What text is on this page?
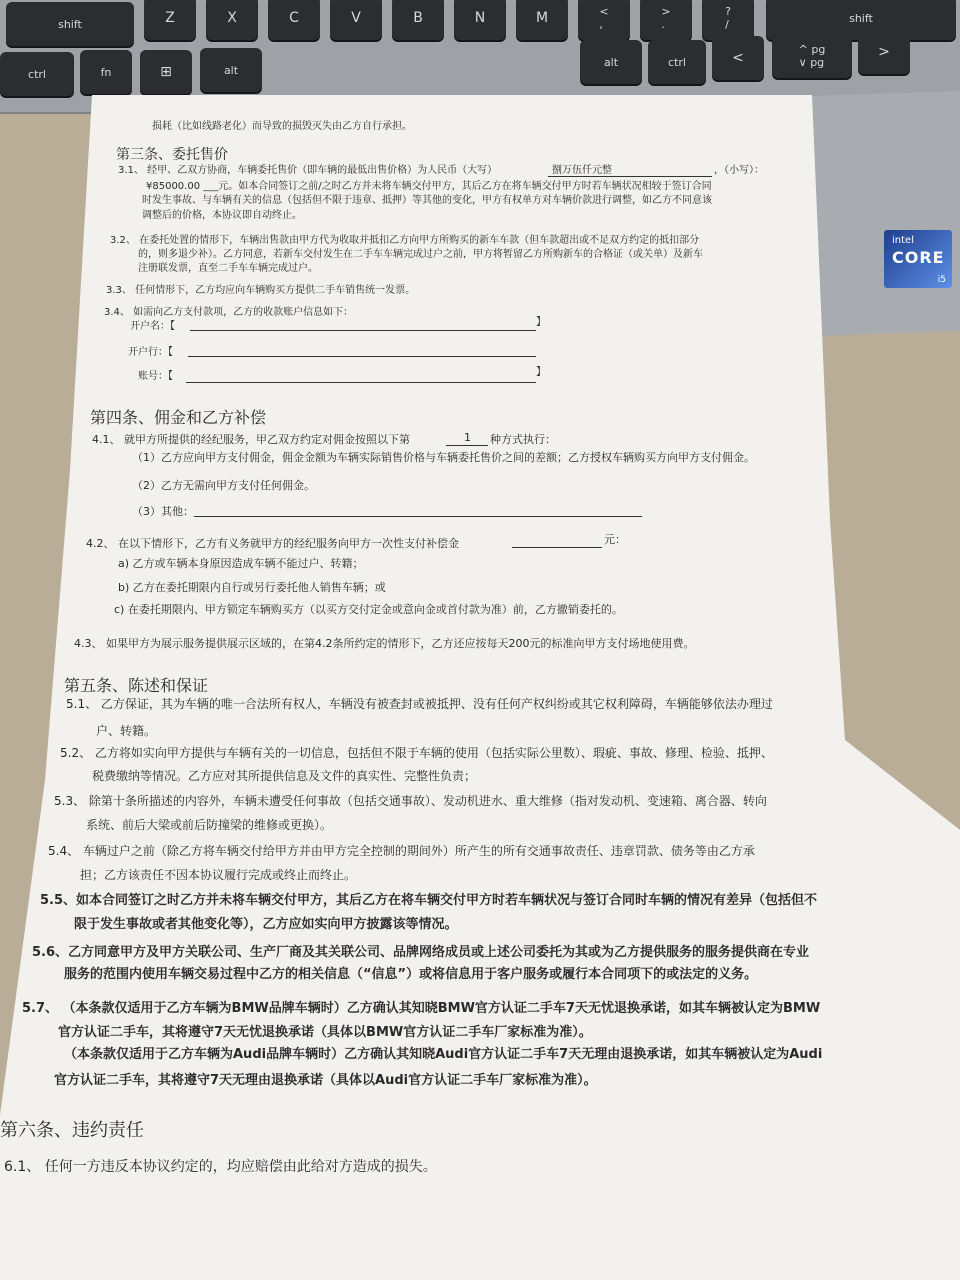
shift	Z	X	C	V	B	N	M	<
,
>
.
?
/	shift
ctrl	fn	⊞	alt
alt	ctrl	<
^ pg
∨ pg
>
intel
CORE
i5
损耗（比如线路老化）而导致的损毁灭失由乙方自行承担。
第三条、委托售价
3.1、 经甲、乙双方协商，车辆委托售价（即车辆的最低出售价格）为人民币（大写）	捌万伍仟元整	，（小写）：
¥85000.00 ___元。如本合同签订之前/之时乙方并未将车辆交付甲方，其后乙方在将车辆交付甲方时若车辆状况相较于签订合同
时发生事故、与车辆有关的信息（包括但不限于违章、抵押）等其他的变化，甲方有权单方对车辆价款进行调整，如乙方不同意该
调整后的价格，本协议即自动终止。
3.2、 在委托处置的情形下，车辆出售款由甲方代为收取并抵扣乙方向甲方所购买的新车车款（但车款超出或不足双方约定的抵扣部分
的，则多退少补）。乙方同意，若新车交付发生在二手车车辆完成过户之前，甲方将暂留乙方所购新车的合格证（或关单）及新车
注册联发票，直至二手车车辆完成过户。
3.3、 任何情形下，乙方均应向车辆购买方提供二手车销售统一发票。
3.4、 如需向乙方支付款项，乙方的收款账户信息如下：
开户名：【	】
开户行：【
账号：【	】
第四条、佣金和乙方补偿
4.1、 就甲方所提供的经纪服务，甲乙双方约定对佣金按照以下第	1 种方式执行：
（1）乙方应向甲方支付佣金，佣金金额为车辆实际销售价格与车辆委托售价之间的差额；乙方授权车辆购买方向甲方支付佣金。
（2）乙方无需向甲方支付任何佣金。
（3）其他：
4.2、 在以下情形下，乙方有义务就甲方的经纪服务向甲方一次性支付补偿金	元：
a) 乙方或车辆本身原因造成车辆不能过户、转籍；
b) 乙方在委托期限内自行或另行委托他人销售车辆；或
c) 在委托期限内、甲方锁定车辆购买方（以买方交付定金或意向金或首付款为准）前，乙方撤销委托的。
4.3、 如果甲方为展示服务提供展示区域的，在第4.2条所约定的情形下，乙方还应按每天200元的标准向甲方支付场地使用费。
第五条、陈述和保证
5.1、 乙方保证，其为车辆的唯一合法所有权人，车辆没有被查封或被抵押、没有任何产权纠纷或其它权利障碍，车辆能够依法办理过
户、转籍。
5.2、 乙方将如实向甲方提供与车辆有关的一切信息，包括但不限于车辆的使用（包括实际公里数）、瑕疵、事故、修理、检验、抵押、
税费缴纳等情况。乙方应对其所提供信息及文件的真实性、完整性负责；
5.3、 除第十条所描述的内容外，车辆未遭受任何事故（包括交通事故）、发动机进水、重大维修（指对发动机、变速箱、离合器、转向
系统、前后大梁或前后防撞梁的维修或更换）。
5.4、 车辆过户之前（除乙方将车辆交付给甲方并由甲方完全控制的期间外）所产生的所有交通事故责任、违章罚款、债务等由乙方承
担；乙方该责任不因本协议履行完成或终止而终止。
5.5、如本合同签订之时乙方并未将车辆交付甲方，其后乙方在将车辆交付甲方时若车辆状况与签订合同时车辆的情况有差异（包括但不
限于发生事故或者其他变化等），乙方应如实向甲方披露该等情况。
5.6、乙方同意甲方及甲方关联公司、生产厂商及其关联公司、品牌网络成员或上述公司委托为其或为乙方提供服务的服务提供商在专业
服务的范围内使用车辆交易过程中乙方的相关信息（“信息”）或将信息用于客户服务或履行本合同项下的或法定的义务。
5.7、 （本条款仅适用于乙方车辆为BMW品牌车辆时）乙方确认其知晓BMW官方认证二手车7天无忧退换承诺，如其车辆被认定为BMW
官方认证二手车，其将遵守7天无忧退换承诺（具体以BMW官方认证二手车厂家标准为准）。
（本条款仅适用于乙方车辆为Audi品牌车辆时）乙方确认其知晓Audi官方认证二手车7天无理由退换承诺，如其车辆被认定为Audi
官方认证二手车，其将遵守7天无理由退换承诺（具体以Audi官方认证二手车厂家标准为准）。
第六条、违约责任
6.1、 任何一方违反本协议约定的，均应赔偿由此给对方造成的损失。
